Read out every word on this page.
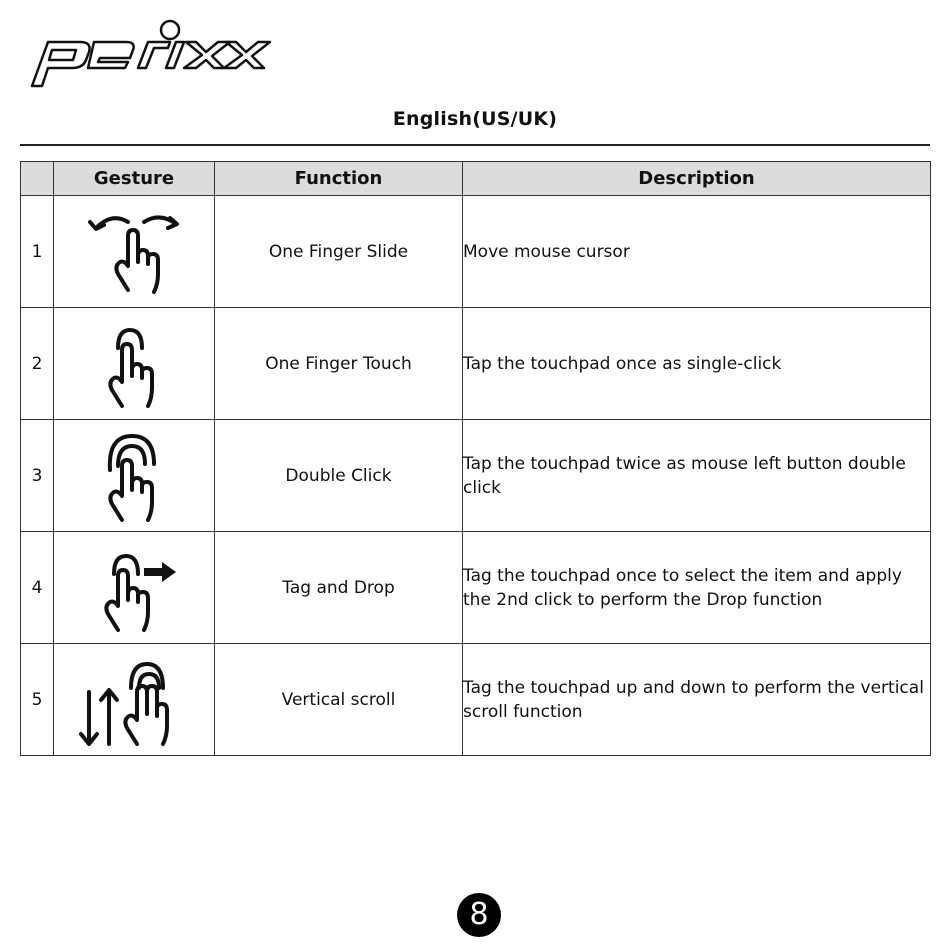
English(US/UK)
	Gesture	Function	Description
1		One Finger Slide	Move mouse cursor
2		One Finger Touch	Tap the touchpad once as single-click
3		Double Click	Tap the touchpad twice as mouse left button double click
4		Tag and Drop	Tag the touchpad once to select the item and apply the 2nd click to perform the Drop function
5		Vertical scroll	Tag the touchpad up and down to perform the vertical scroll function
8
